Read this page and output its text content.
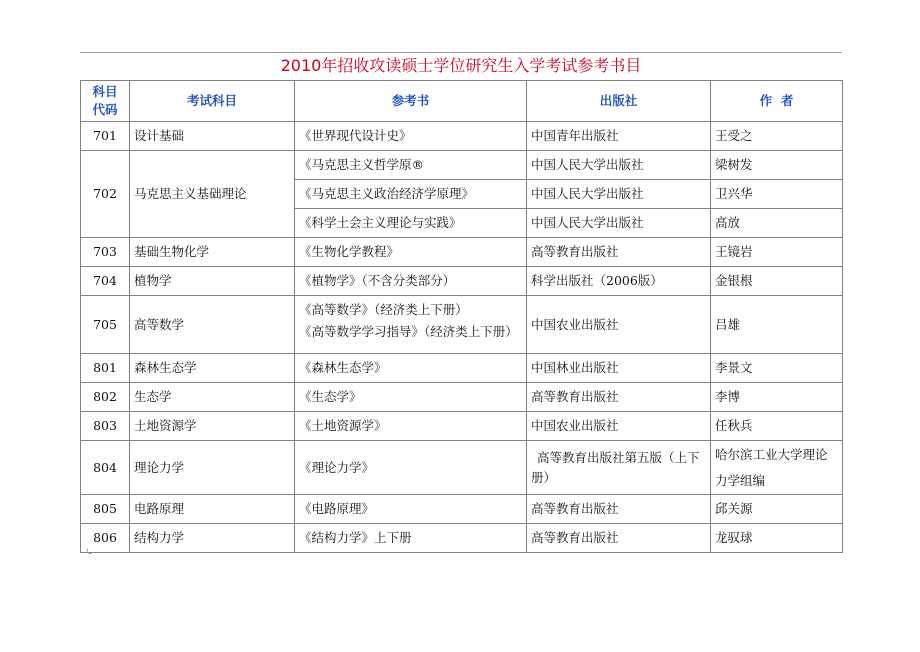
2010年招收攻读硕士学位研究生入学考试参考书目
科目代码	考试科目	参考书	出版社	作  者
701	设计基础	《世界现代设计史》	中国青年出版社	王受之
702	马克思主义基础理论	《马克思主义哲学原®	中国人民大学出版社	梁树发
		《马克思主义政治经济学原理》	中国人民大学出版社	卫兴华
		《科学土会主义理论与实践》	中国人民大学出版社	高放
703	基础生物化学	《生物化学教程》	高等教育出版社	王镜岩
704	植物学	《植物学》（不含分类部分）	科学出版社（2006版）	金银根
705	高等数学	《高等数学》（经济类上下册）
《高等数学学习指导》（经济类上下册）	中国农业出版社	吕雄
801	森林生态学	《森林生态学》	中国林业出版社	李景文
802	生态学	《生态学》	高等教育出版社	李博
803	土地资源学	《土地资源学》	中国农业出版社	任秋兵
804	理论力学	《理论力学》	高等教育出版社第五版（上下册）	哈尔滨工业大学理论力学组编
805	电路原理	《电路原理》	高等教育出版社	邱关源
806	结构力学	《结构力学》上下册	高等教育出版社	龙驭球
'-
